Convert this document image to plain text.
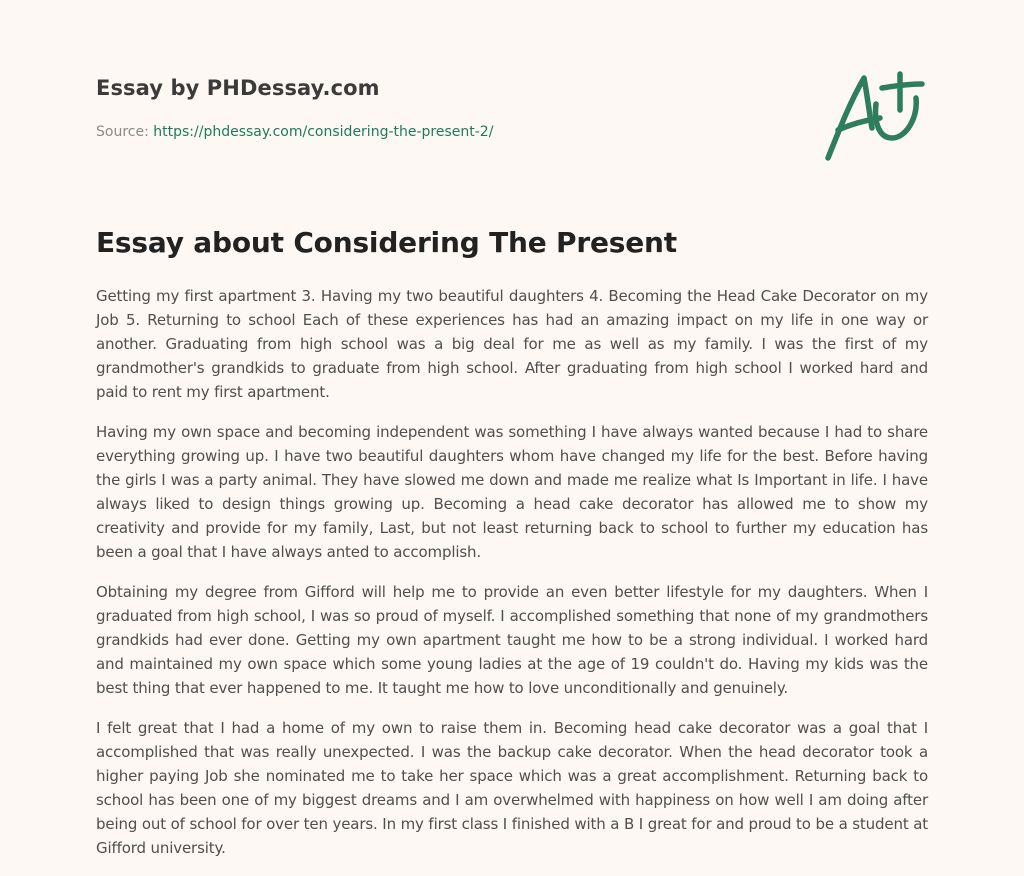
Essay by PHDessay.com
Source: https://phdessay.com/considering-the-present-2/
Essay about Considering The Present

Getting my first apartment 3. Having my two beautiful daughters 4. Becoming the Head Cake Decorator on my Job 5. Returning to school Each of these experiences has had an amazing impact on my life in one way or another. Graduating from high school was a big deal for me as well as my family. I was the first of my grandmother's grandkids to graduate from high school. After graduating from high school I worked hard and paid to rent my first apartment.

Having my own space and becoming independent was something I have always wanted because I had to share everything growing up. I have two beautiful daughters whom have changed my life for the best. Before having the girls I was a party animal. They have slowed me down and made me realize what Is Important in life. I have always liked to design things growing up. Becoming a head cake decorator has allowed me to show my creativity and provide for my family, Last, but not least returning back to school to further my education has been a goal that I have always anted to accomplish.

Obtaining my degree from Gifford will help me to provide an even better lifestyle for my daughters. When I graduated from high school, I was so proud of myself. I accomplished something that none of my grandmothers grandkids had ever done. Getting my own apartment taught me how to be a strong individual. I worked hard and maintained my own space which some young ladies at the age of 19 couldn't do. Having my kids was the best thing that ever happened to me. It taught me how to love unconditionally and genuinely.

I felt great that I had a home of my own to raise them in. Becoming head cake decorator was a goal that I accomplished that was really unexpected. I was the backup cake decorator. When the head decorator took a higher paying Job she nominated me to take her space which was a great accomplishment. Returning back to school has been one of my biggest dreams and I am overwhelmed with happiness on how well I am doing after being out of school for over ten years. In my first class I finished with a B I great for and proud to be a student at Gifford university.
